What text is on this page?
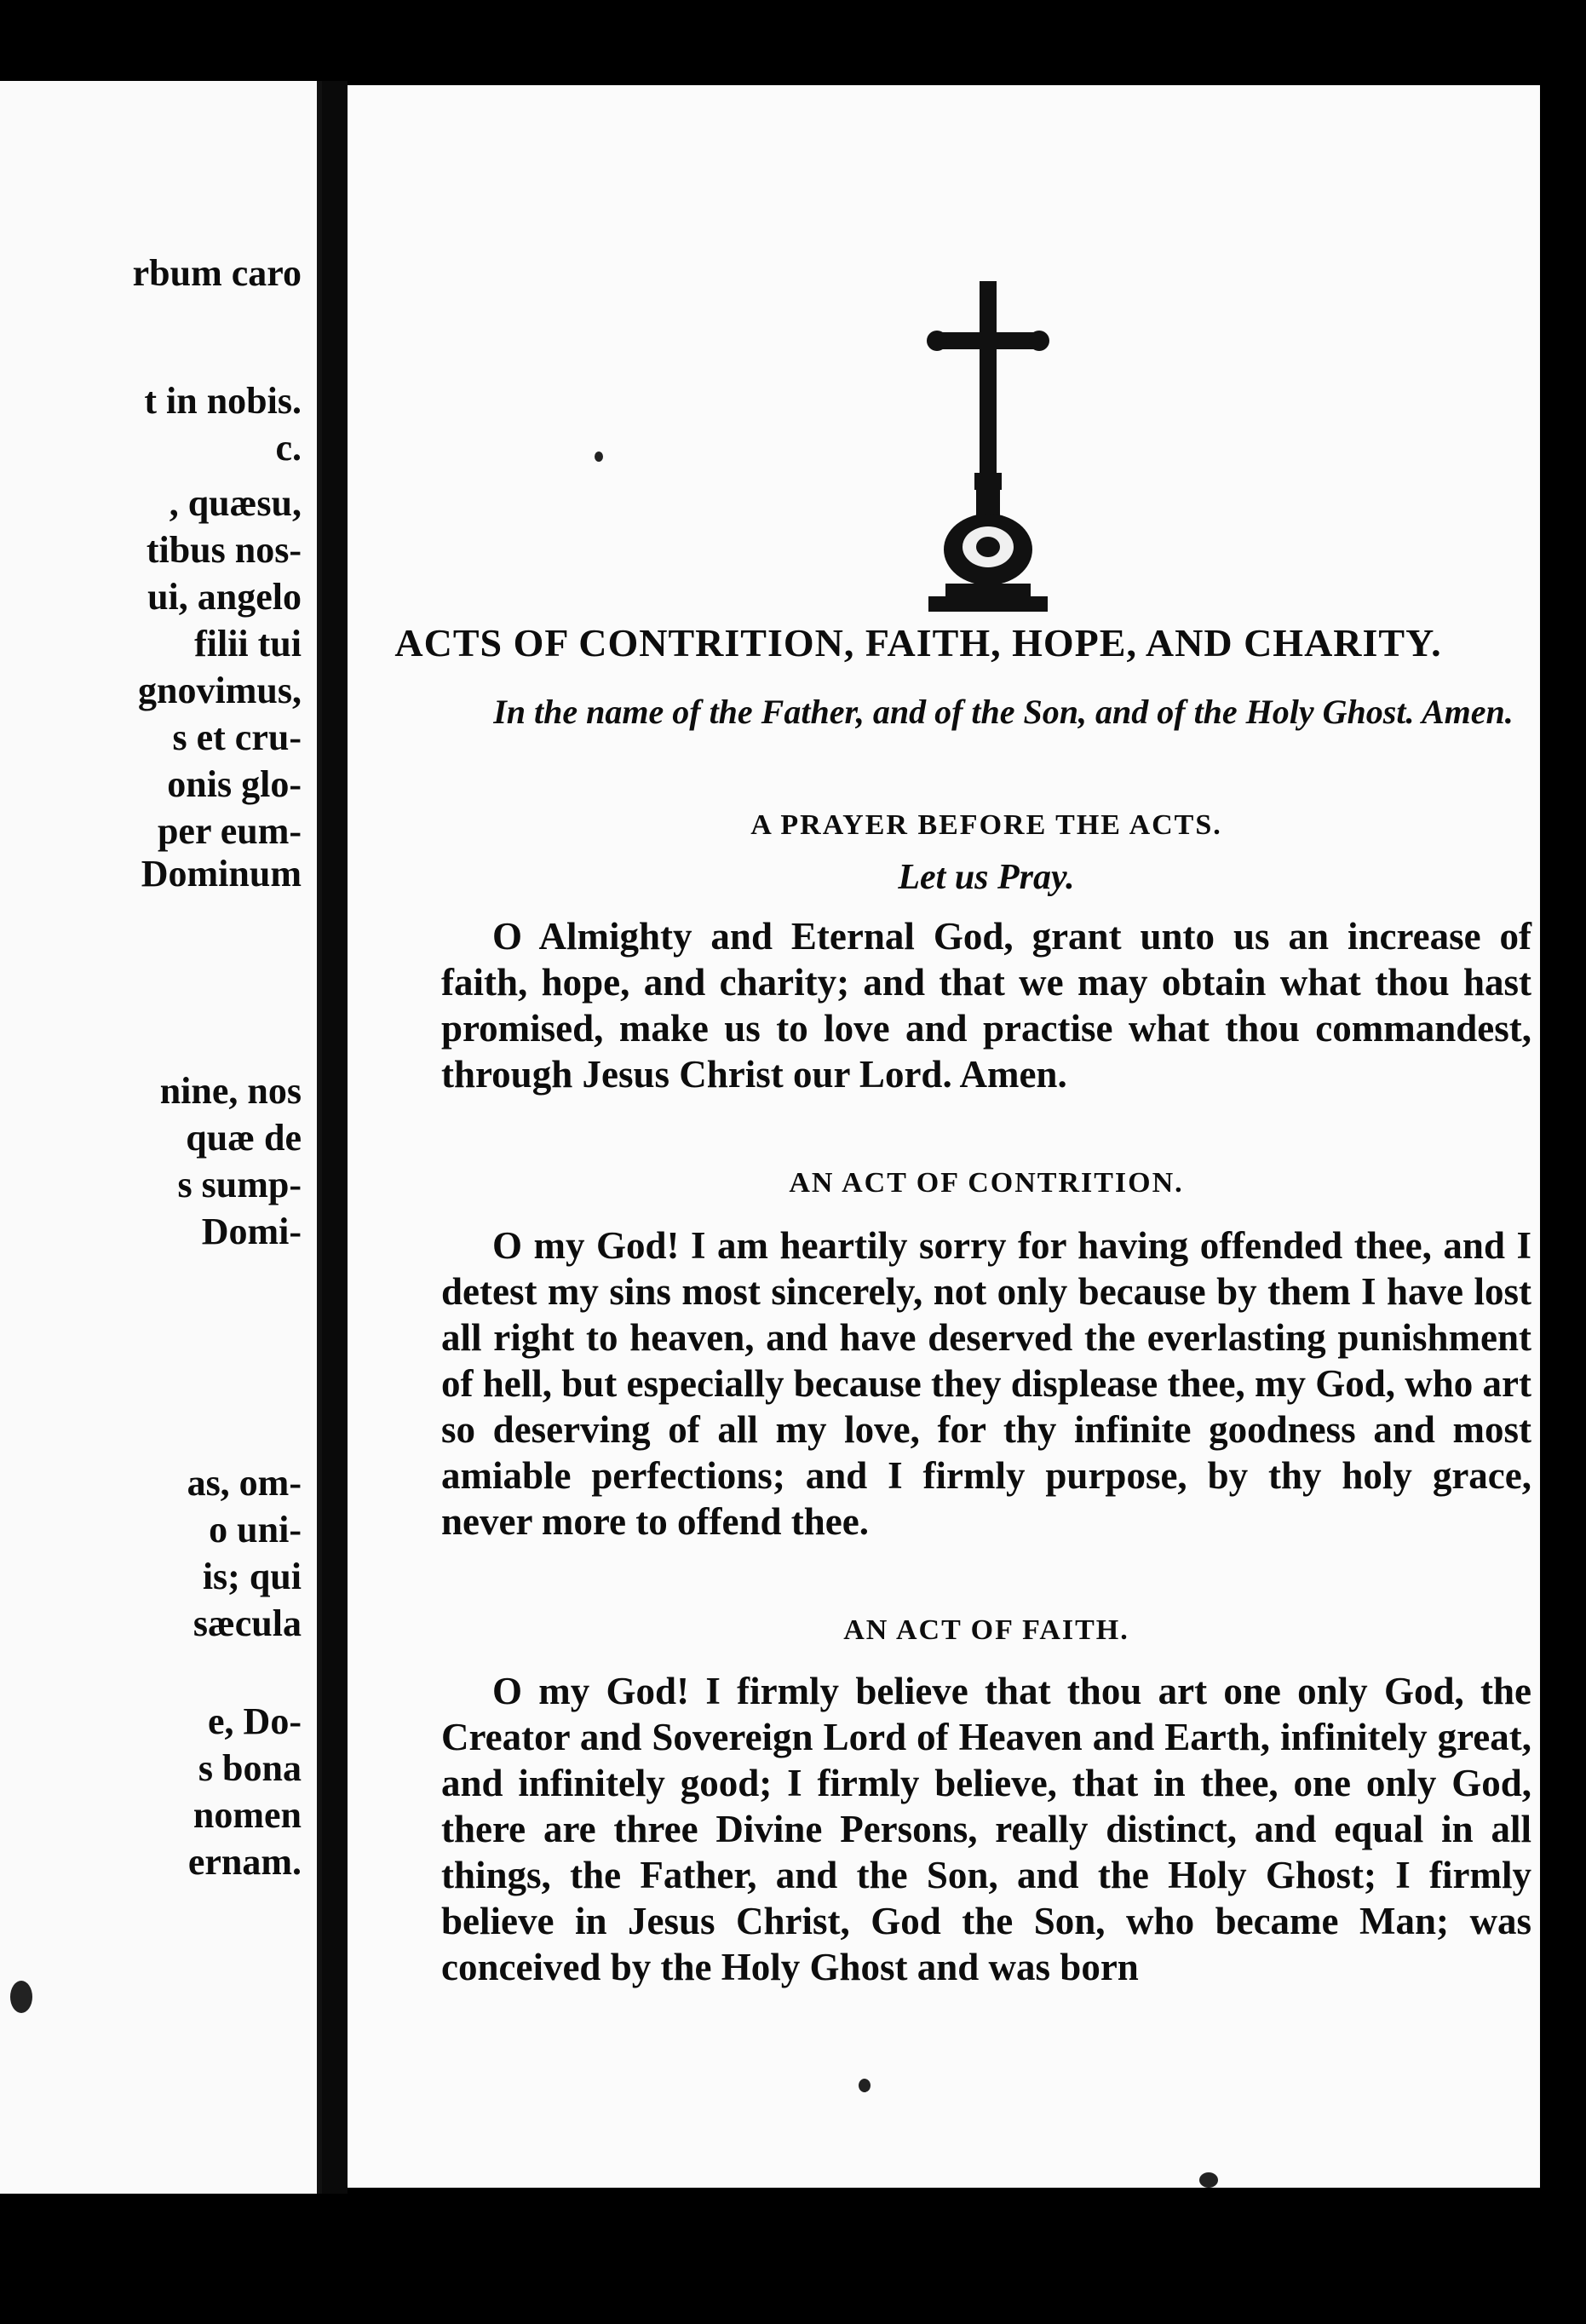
rbum caro
t in nobis.
c.
, quæsu,
tibus nos-
ui, angelo
filii tui
gnovimus,
s et cru-
onis glo-
per eum-
Dominum
nine, nos
quæ de
s sump-
Domi-
as, om-
o uni-
is; qui
sæcula
e, Do-
s bona
nomen
ernam.
ACTS OF CONTRITION, FAITH, HOPE, AND CHARITY.
In the name of the Father, and of the Son, and of the Holy Ghost. Amen.
A PRAYER BEFORE THE ACTS.
Let us Pray.
O Almighty and Eternal God, grant unto us an increase of faith, hope, and charity; and that we may obtain what thou hast promised, make us to love and practise what thou commandest, through Jesus Christ our Lord. Amen.
AN ACT OF CONTRITION.
O my God! I am heartily sorry for having offended thee, and I detest my sins most sincerely, not only because by them I have lost all right to heaven, and have deserved the everlasting punishment of hell, but especially because they displease thee, my God, who art so deserving of all my love, for thy infinite goodness and most amiable perfections; and I firmly purpose, by thy holy grace, never more to offend thee.
AN ACT OF FAITH.
O my God! I firmly believe that thou art one only God, the Creator and Sovereign Lord of Heaven and Earth, infinitely great, and infinitely good; I firmly believe, that in thee, one only God, there are three Divine Persons, really distinct, and equal in all things, the Father, and the Son, and the Holy Ghost; I firmly believe in Jesus Christ, God the Son, who became Man; was conceived by the Holy Ghost and was born
